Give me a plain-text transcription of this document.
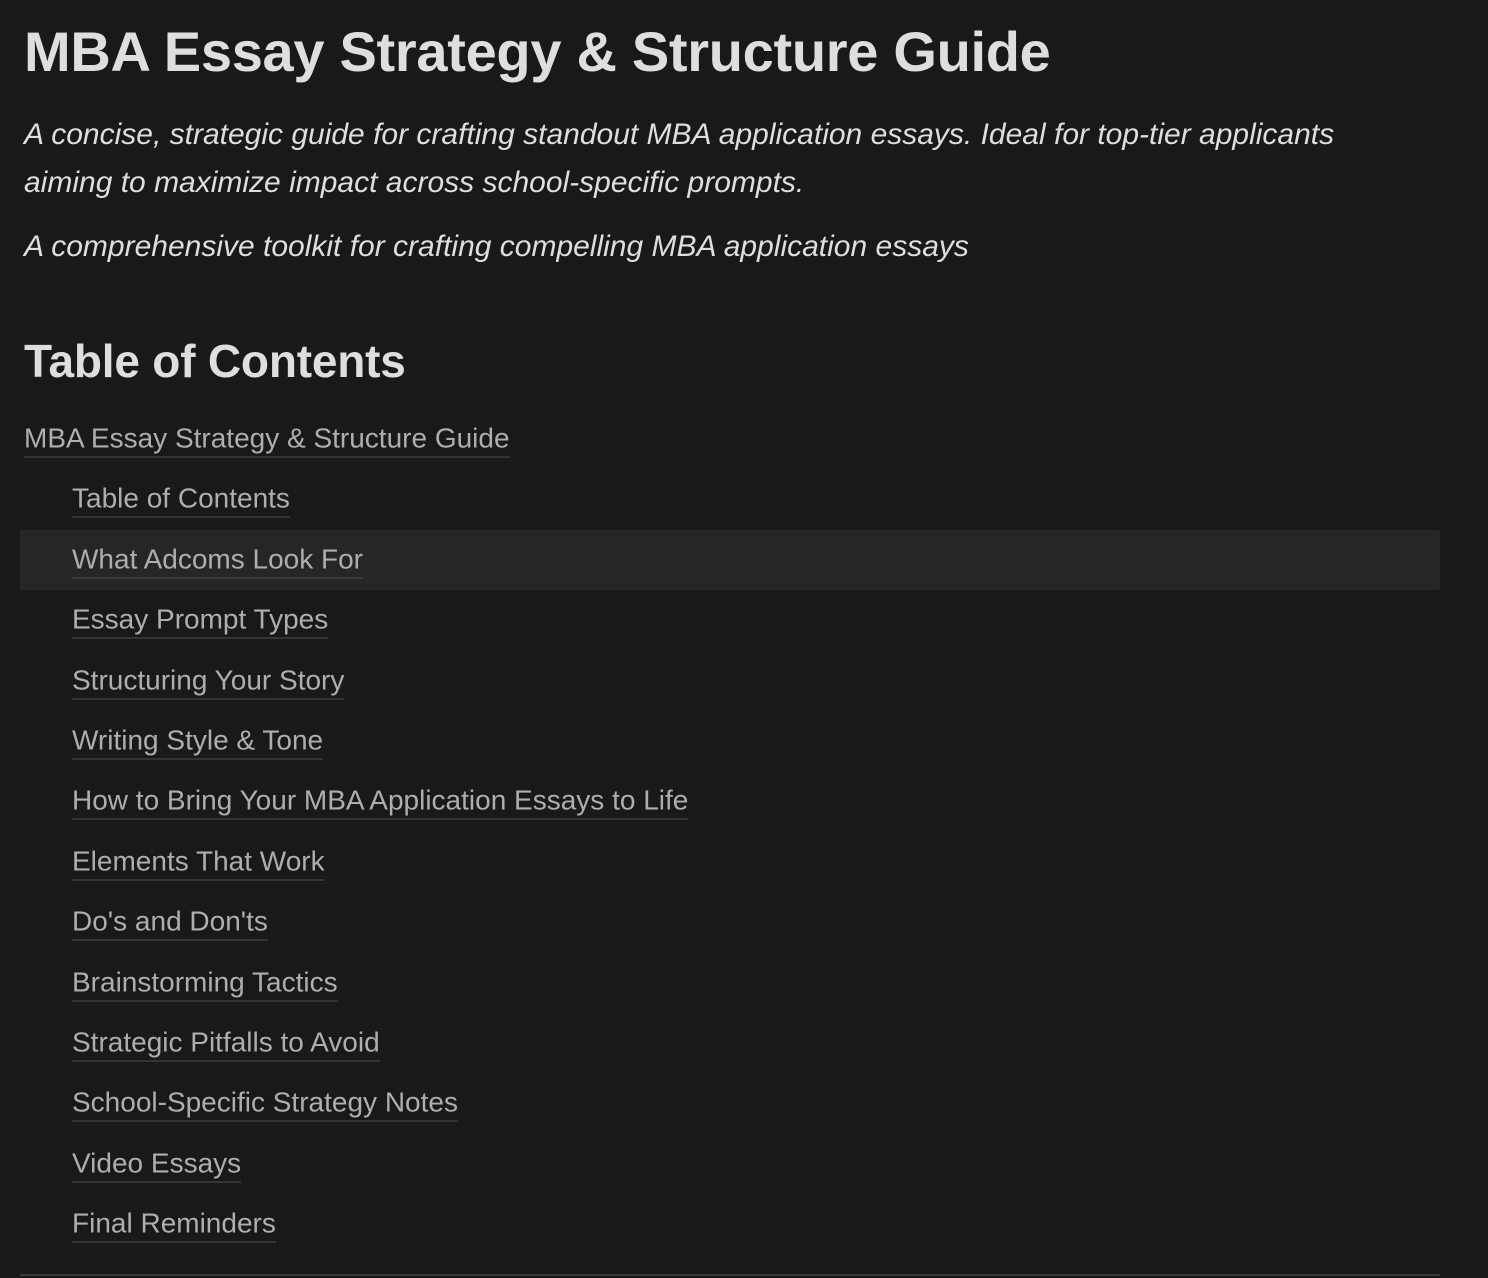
MBA Essay Strategy & Structure Guide

A concise, strategic guide for crafting standout MBA application essays. Ideal for top-tier applicants aiming to maximize impact across school-specific prompts.

A comprehensive toolkit for crafting compelling MBA application essays

Table of Contents
MBA Essay Strategy & Structure Guide
Table of Contents
What Adcoms Look For
Essay Prompt Types
Structuring Your Story
Writing Style & Tone
How to Bring Your MBA Application Essays to Life
Elements That Work
Do's and Don'ts
Brainstorming Tactics
Strategic Pitfalls to Avoid
School-Specific Strategy Notes
Video Essays
Final Reminders
